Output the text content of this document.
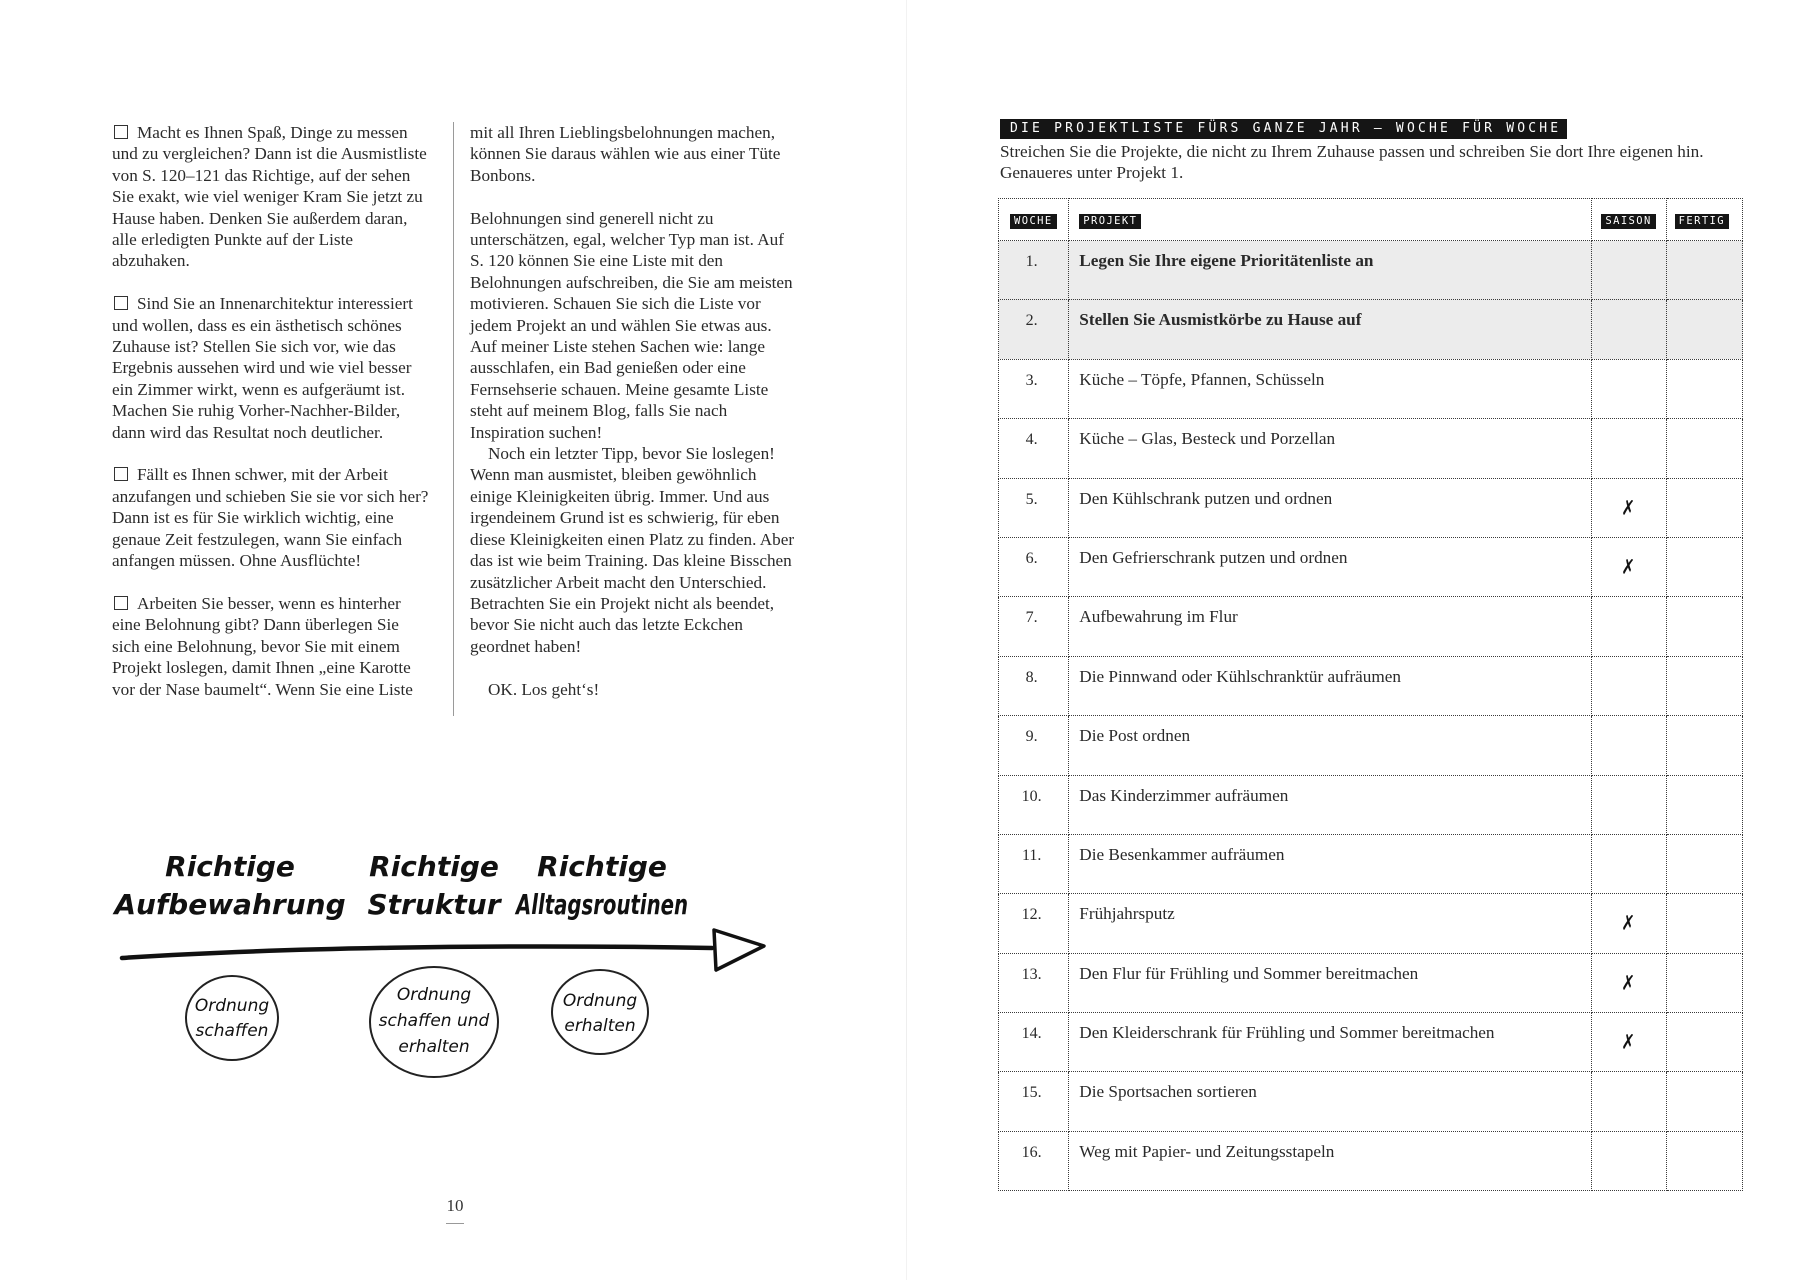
Macht es Ihnen Spaß, Dinge zu messen und zu vergleichen? Dann ist die Ausmistliste von S. 120–121 das Richtige, auf der sehen Sie exakt, wie viel weniger Kram Sie jetzt zu Hause haben. Denken Sie außerdem daran, alle erledigten Punkte auf der Liste abzuhaken.

Sind Sie an Innenarchitektur interessiert und wollen, dass es ein ästhetisch schönes Zuhause ist? Stellen Sie sich vor, wie das Ergebnis aussehen wird und wie viel besser ein Zimmer wirkt, wenn es aufgeräumt ist. Machen Sie ruhig Vorher-Nachher-Bilder, dann wird das Resultat noch deutlicher.

Fällt es Ihnen schwer, mit der Arbeit anzufangen und schieben Sie sie vor sich her? Dann ist es für Sie wirklich wichtig, eine genaue Zeit festzulegen, wann Sie einfach anfangen müssen. Ohne Ausflüchte!

Arbeiten Sie besser, wenn es hinterher eine Belohnung gibt? Dann überlegen Sie sich eine Belohnung, bevor Sie mit einem Projekt loslegen, damit Ihnen „eine Karotte vor der Nase baumelt“. Wenn Sie eine Liste

mit all Ihren Lieblingsbelohnungen machen, können Sie daraus wählen wie aus einer Tüte Bonbons.

Belohnungen sind generell nicht zu unterschätzen, egal, welcher Typ man ist. Auf S. 120 können Sie eine Liste mit den Belohnungen aufschreiben, die Sie am meisten motivieren. Schauen Sie sich die Liste vor jedem Projekt an und wählen Sie etwas aus. Auf meiner Liste stehen Sachen wie: lange ausschlafen, ein Bad genießen oder eine Fernsehserie schauen. Meine gesamte Liste steht auf meinem Blog, falls Sie nach Inspiration suchen!

Noch ein letzter Tipp, bevor Sie loslegen! Wenn man ausmistet, bleiben gewöhnlich einige Kleinigkeiten übrig. Immer. Und aus irgendeinem Grund ist es schwierig, für eben diese Kleinigkeiten einen Platz zu finden. Aber das ist wie beim Training. Das kleine Bisschen zusätzlicher Arbeit macht den Unterschied. Betrachten Sie ein Projekt nicht als beendet, bevor Sie nicht auch das letzte Eckchen geordnet haben!

OK. Los geht‘s!

Richtige
Aufbewahrung
Richtige
Struktur
Richtige
Alltagsroutinen
Ordnung
schaffen
Ordnung
schaffen und
erhalten
Ordnung
erhalten
10
DIE PROJEKTLISTE FÜRS GANZE JAHR – WOCHE FÜR WOCHE

Streichen Sie die Projekte, die nicht zu Ihrem Zuhause passen und schreiben Sie dort Ihre eigenen hin. Genaueres unter Projekt 1.

WOCHE	PROJEKT	SAISON	FERTIG

1.	Legen Sie Ihre eigene Prioritätenliste an		

2.	Stellen Sie Ausmistkörbe zu Hause auf		

3.	Küche – Töpfe, Pfannen, Schüsseln		

4.	Küche – Glas, Besteck und Porzellan		

5.	Den Kühlschrank putzen und ordnen	✗	

6.	Den Gefrierschrank putzen und ordnen	✗	

7.	Aufbewahrung im Flur		

8.	Die Pinnwand oder Kühlschranktür aufräumen		

9.	Die Post ordnen		

10.	Das Kinderzimmer aufräumen		

11.	Die Besenkammer aufräumen		

12.	Frühjahrsputz	✗	

13.	Den Flur für Frühling und Sommer bereitmachen	✗	

14.	Den Kleiderschrank für Frühling und Sommer bereitmachen	✗	

15.	Die Sportsachen sortieren		

16.	Weg mit Papier- und Zeitungsstapeln		
